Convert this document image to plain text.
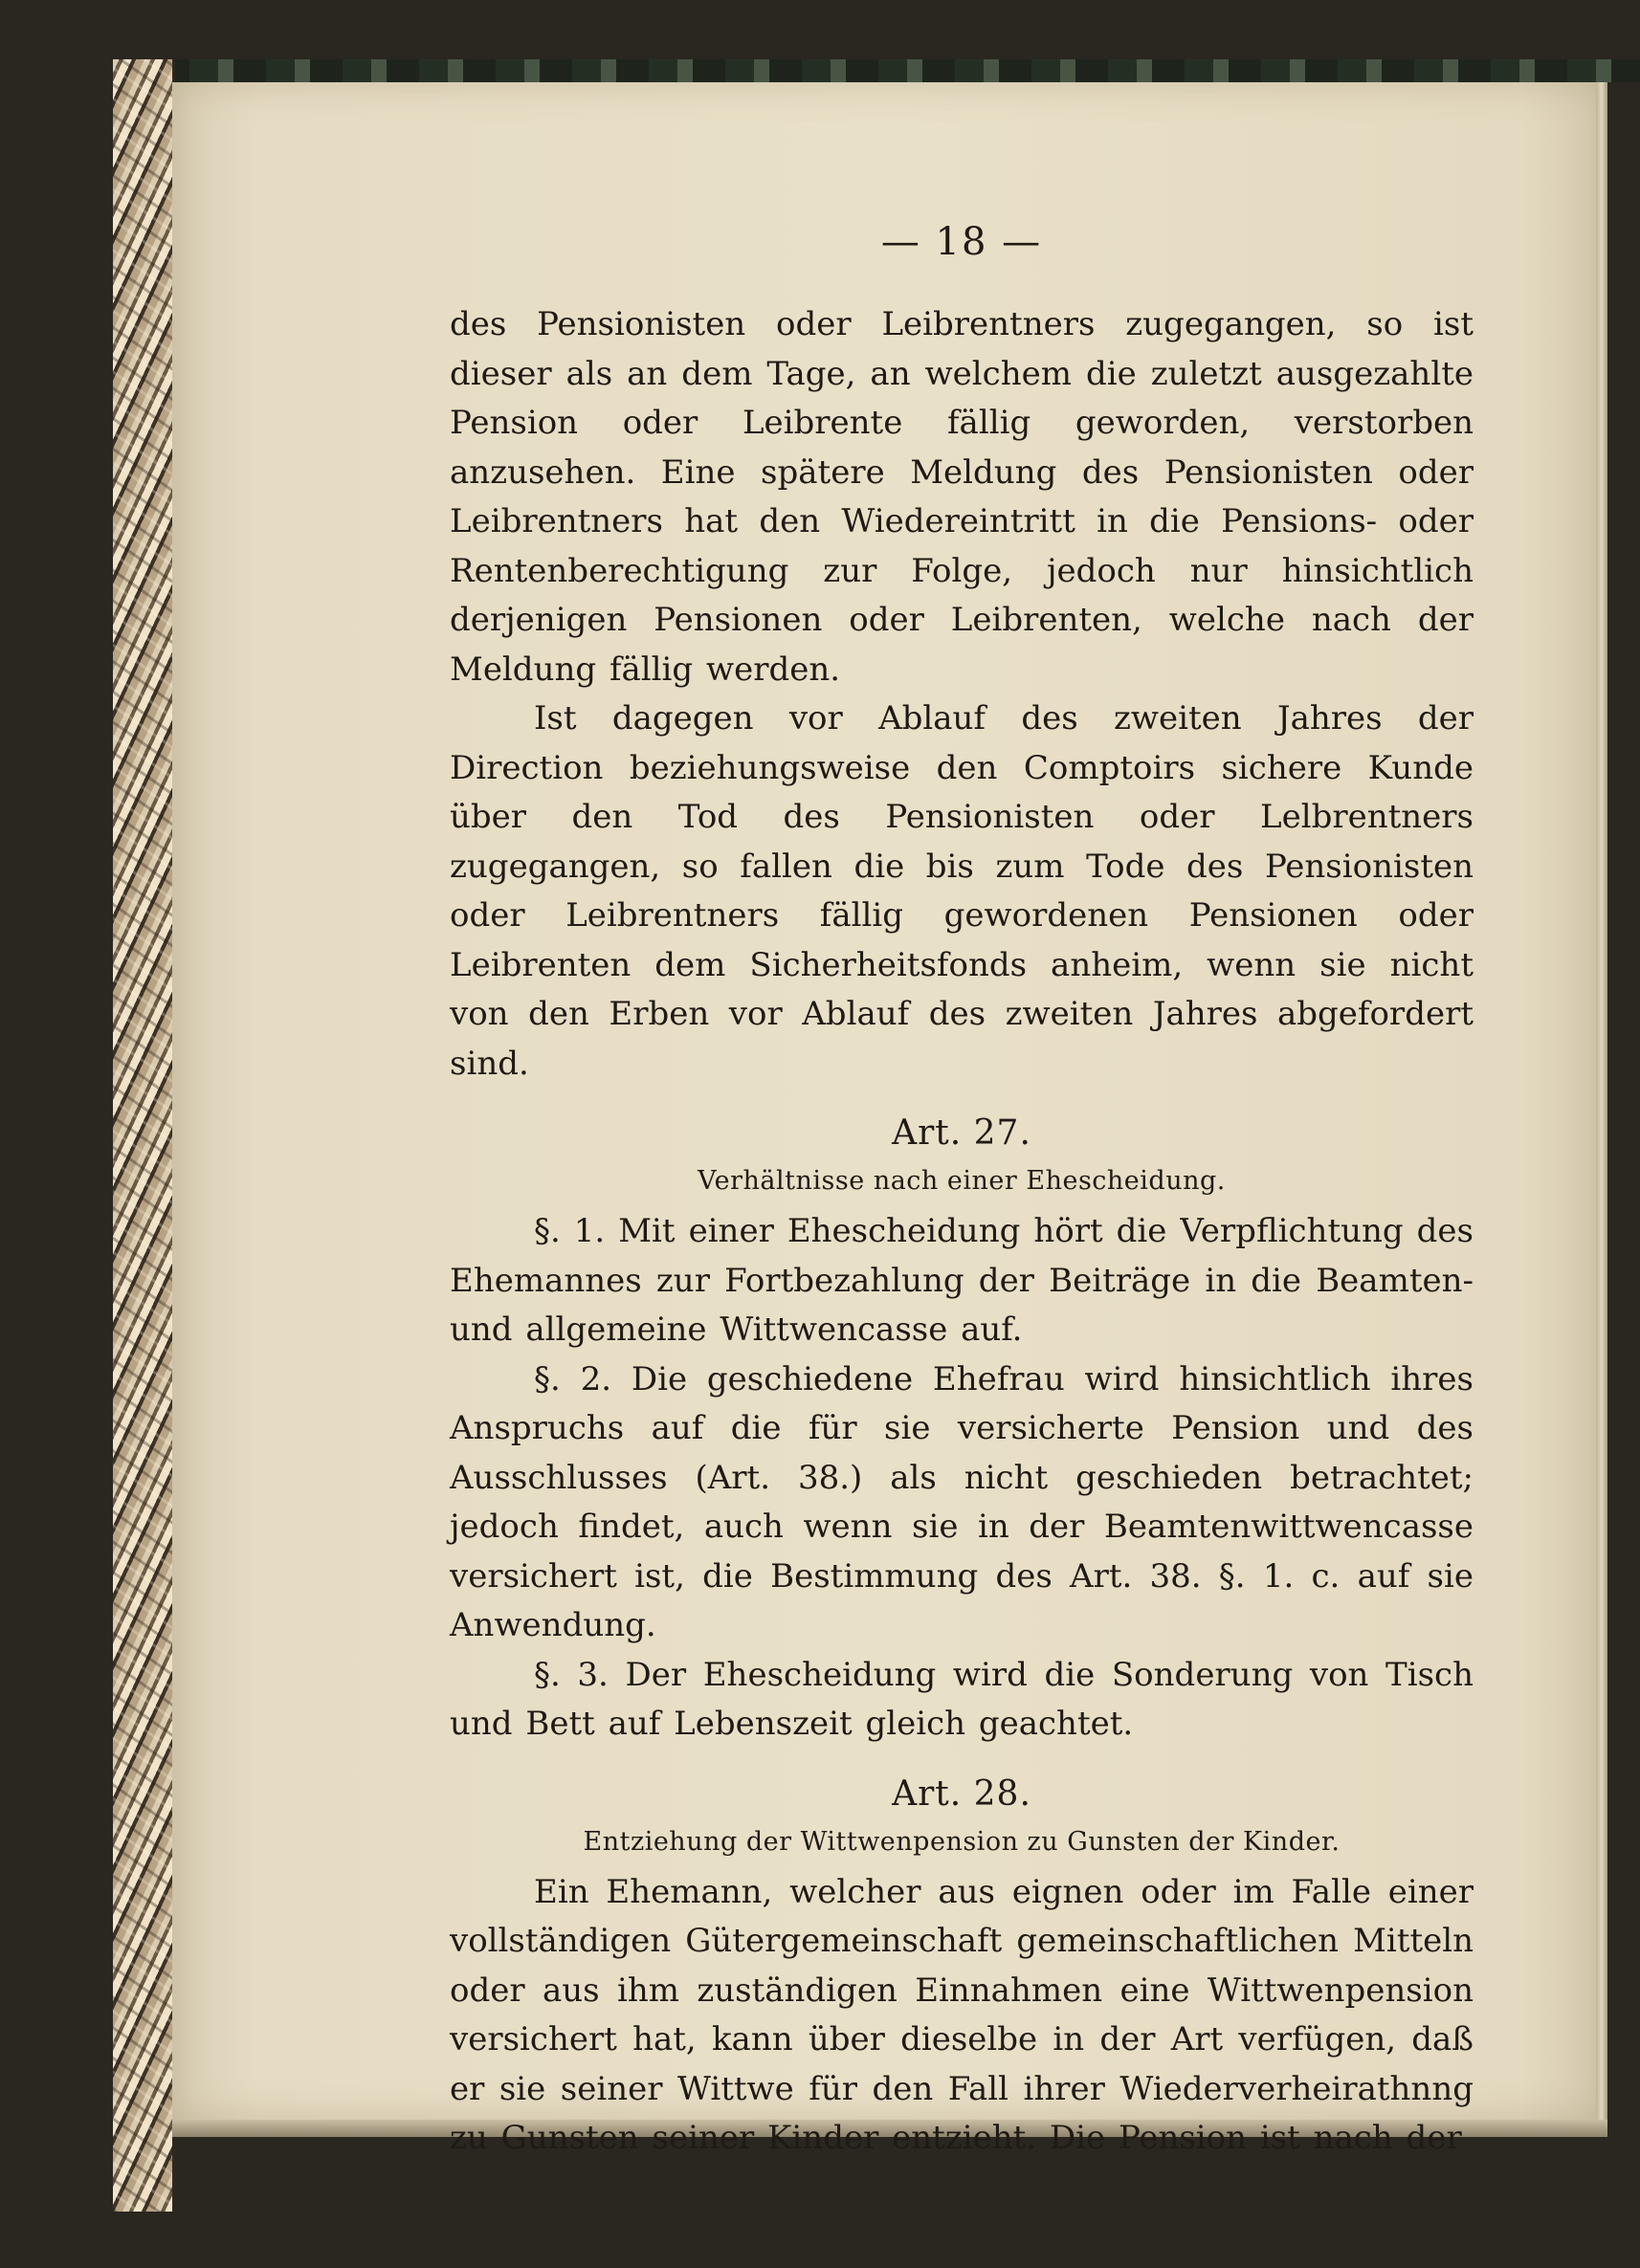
— 18 —

des Pensionisten oder Leibrentners zugegangen, so ist dieser als an dem Tage, an welchem die zuletzt ausgezahlte Pension oder Leibrente fällig geworden, verstorben anzusehen. Eine spätere Meldung des Pensionisten oder Leibrentners hat den Wiedereintritt in die Pensions- oder Rentenberechtigung zur Folge, jedoch nur hinsichtlich derjenigen Pensionen oder Leibrenten, welche nach der Meldung fällig werden.

Ist dagegen vor Ablauf des zweiten Jahres der Direction beziehungsweise den Comptoirs sichere Kunde über den Tod des Pensionisten oder Lelbrentners zugegangen, so fallen die bis zum Tode des Pensionisten oder Leibrentners fällig gewordenen Pensionen oder Leibrenten dem Sicherheitsfonds anheim, wenn sie nicht von den Erben vor Ablauf des zweiten Jahres abgefordert sind.

Art. 27.
Verhältnisse nach einer Ehescheidung.

§. 1. Mit einer Ehescheidung hört die Verpflichtung des Ehemannes zur Fortbezahlung der Beiträge in die Beamten- und allgemeine Wittwencasse auf.

§. 2. Die geschiedene Ehefrau wird hinsichtlich ihres Anspruchs auf die für sie versicherte Pension und des Ausschlusses (Art. 38.) als nicht geschieden betrachtet; jedoch findet, auch wenn sie in der Beamtenwittwencasse versichert ist, die Bestimmung des Art. 38. §. 1. c. auf sie Anwendung.

§. 3. Der Ehescheidung wird die Sonderung von Tisch und Bett auf Lebenszeit gleich geachtet.

Art. 28.
Entziehung der Wittwenpension zu Gunsten der Kinder.

Ein Ehemann, welcher aus eignen oder im Falle einer vollständigen Gütergemeinschaft gemeinschaftlichen Mitteln oder aus ihm zuständigen Einnahmen eine Wittwenpension versichert hat, kann über dieselbe in der Art verfügen, daß er sie seiner Wittwe für den Fall ihrer Wiederverheirathnng zu Gunsten seiner Kinder entzieht. Die Pension ist nach der
